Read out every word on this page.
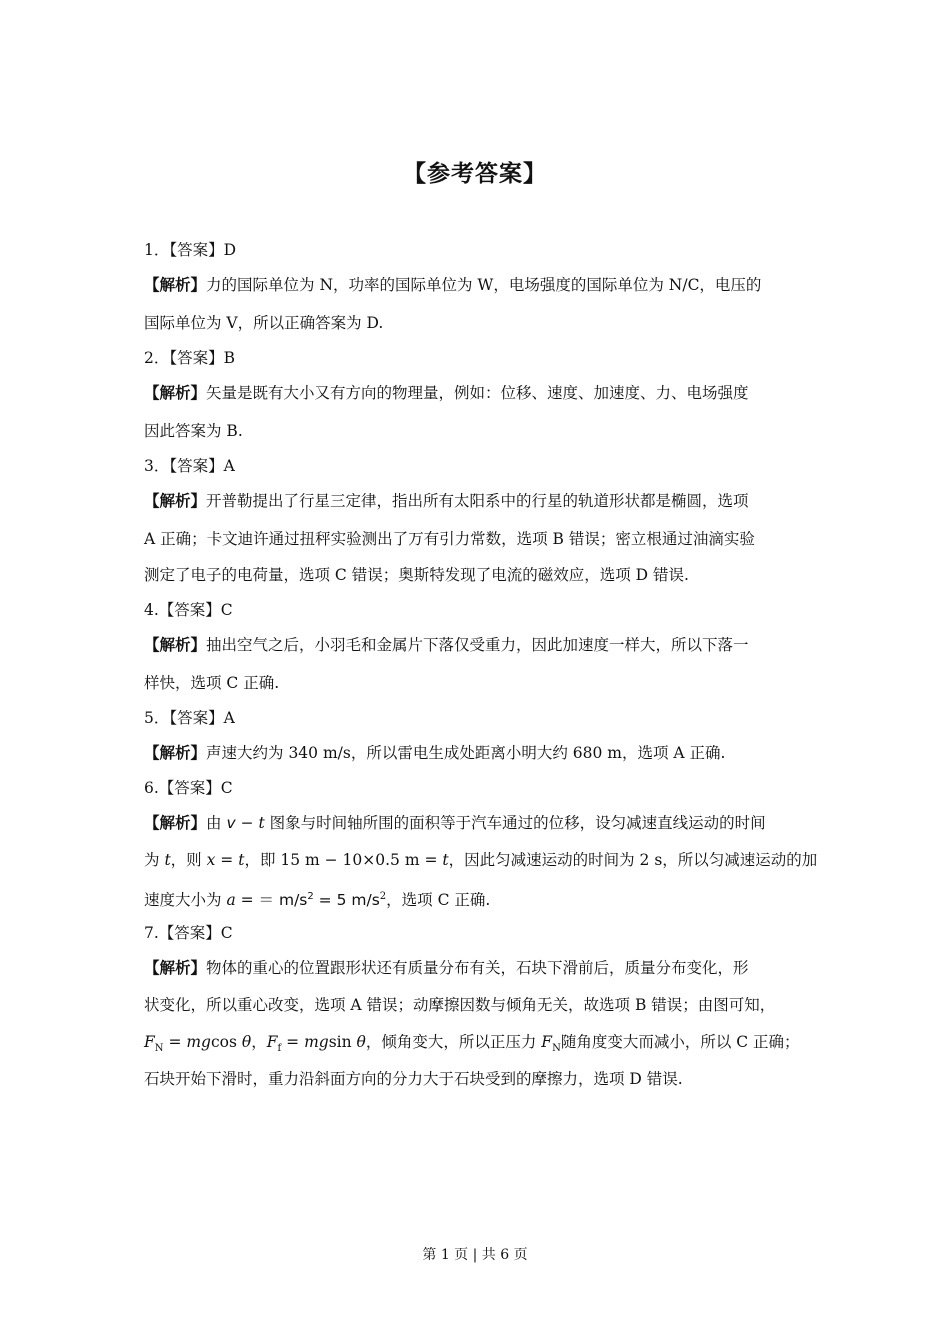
【参考答案】
1．【答案】D
【解析】力的国际单位为 N，功率的国际单位为 W，电场强度的国际单位为 N/C，电压的
国际单位为 V，所以正确答案为 D.
2．【答案】B
【解析】矢量是既有大小又有方向的物理量，例如：位移、速度、加速度、力、电场强度
因此答案为 B.
3．【答案】A
【解析】开普勒提出了行星三定律，指出所有太阳系中的行星的轨道形状都是椭圆，选项
A 正确；卡文迪许通过扭秤实验测出了万有引力常数，选项 B 错误；密立根通过油滴实验
测定了电子的电荷量，选项 C 错误；奥斯特发现了电流的磁效应，选项 D 错误.
4.【答案】C
【解析】抽出空气之后，小羽毛和金属片下落仅受重力，因此加速度一样大，所以下落一
样快，选项 C 正确.
5．【答案】A
【解析】声速大约为 340 m/s，所以雷电生成处距离小明大约 680 m，选项 A 正确.
6.【答案】C
【解析】由 v − t 图象与时间轴所围的面积等于汽车通过的位移，设匀减速直线运动的时间
为 t，则 x = t，即 15 m − 10×0.5 m = t，因此匀减速运动的时间为 2 s，所以匀减速运动的加
速度大小为 a = ＝ $m/s^2 = 5$ $m/s^2$，选项 C 正确.
7.【答案】C
【解析】物体的重心的位置跟形状还有质量分布有关，石块下滑前后，质量分布变化，形
状变化，所以重心改变，选项 A 错误；动摩擦因数与倾角无关，故选项 B 错误；由图可知，
$F_N = mgcos$ θ，$F_f = mgsin$ θ，倾角变大，所以正压力 $F_N$随角度变大而减小，所以 C 正确；
石块开始下滑时，重力沿斜面方向的分力大于石块受到的摩擦力，选项 D 错误.
第 1 页 | 共 6 页
